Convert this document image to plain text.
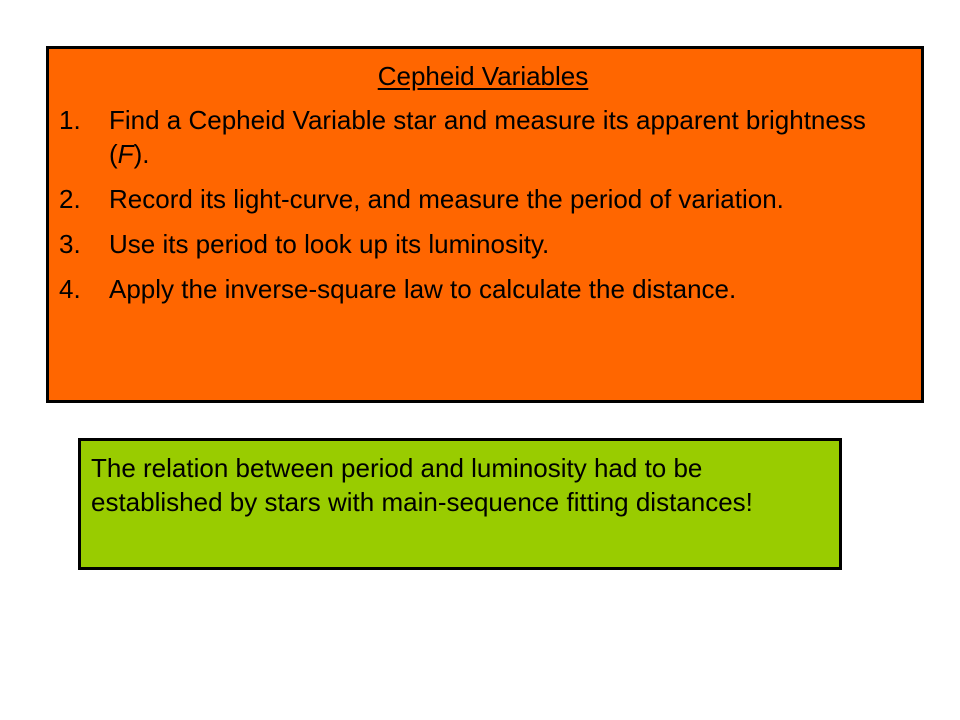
Cepheid Variables
1.	Find a Cepheid Variable star and measure its apparent brightness (F).
2.	Record its light-curve, and measure the period of variation.
3.	Use its period to look up its luminosity.
4.	Apply the inverse-square law to calculate the distance.
The relation between period and luminosity had to be established by stars with main-sequence fitting distances!
